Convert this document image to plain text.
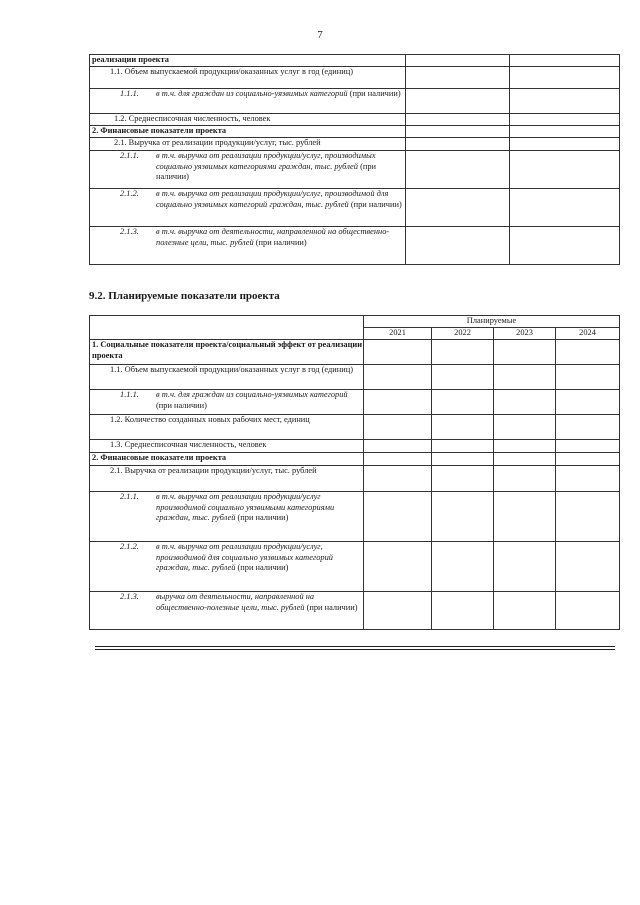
7
реализации проекта		
1.1. Объем выпускаемой продукции/оказанных услуг в год (единиц)		

1.1.1. в т.ч. для граждан из социально-уязвимых категорий (при наличии)		

1.2. Среднесписочная численность, человек		
2. Финансовые показатели проекта		
2.1. Выручка от реализации продукции/услуг, тыс. рублей		

2.1.1. в т.ч. выручка от реализации продукции/услуг, производимых социально уязвимых категориями граждан, тыс. рублей (при наличии)		

2.1.2. в т.ч. выручка от реализации продукции/услуг, производимой для социально уязвимых категорий граждан, тыс. рублей (при наличии)		

2.1.3. в т.ч. выручка от деятельности, направленной на общественно-полезные цели, тыс. рублей (при наличии)		

9.2. Планируемые показатели проекта
	Планируемые			
	2021	2022	2023	2024
1. Социальные показатели проекта/социальный эффект от реализации проекта				
1.1. Объем выпускаемой продукции/оказанных услуг в год (единиц)				

1.1.1. в т.ч. для граждан из социально-уязвимых категорий (при наличии)				

1.2. Количество созданных новых рабочих мест, единиц				
1.3. Среднесписочная численность, человек				
2. Финансовые показатели проекта				
2.1. Выручка от реализации продукции/услуг, тыс. рублей				

2.1.1. в т.ч. выручка от реализации продукции/услуг производимой социально уязвимыми категориями граждан, тыс. рублей (при наличии)				

2.1.2. в т.ч. выручка от реализации продукции/услуг, производимой для социально уязвимых категорий граждан, тыс. рублей (при наличии)				

2.1.3. выручка от деятельности, направленной на общественно-полезные цели, тыс. рублей (при наличии)				
